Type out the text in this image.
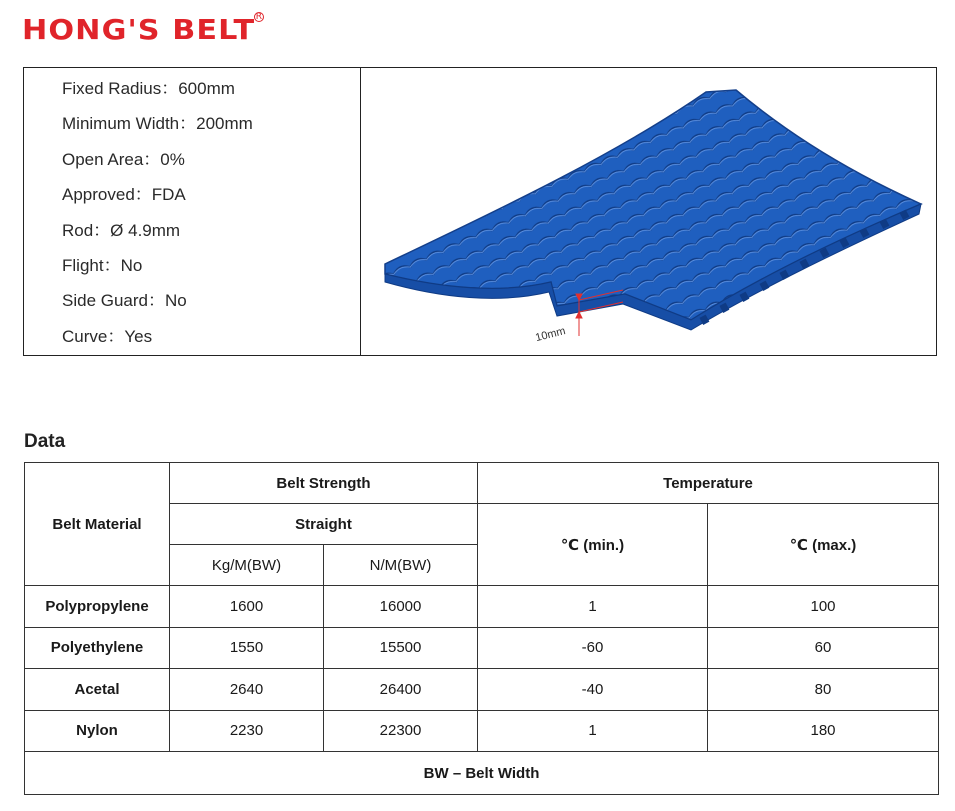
HONG'S BELT R
Fixed Radius：600mm
Minimum Width：200mm
Open Area：0%
Approved：FDA
Rod：Ø 4.9mm
Flight：No
Side Guard：No
Curve：Yes	10mm
Data
Belt Material	Belt Strength		Temperature	
	Straight		℃ (min.)	℃ (max.)
	Kg/M(BW)	N/M(BW)		
Polypropylene	1600	16000	1	100
Polyethylene	1550	15500	-60	60
Acetal	2640	26400	-40	80
Nylon	2230	22300	1	180
BW – Belt Width				
